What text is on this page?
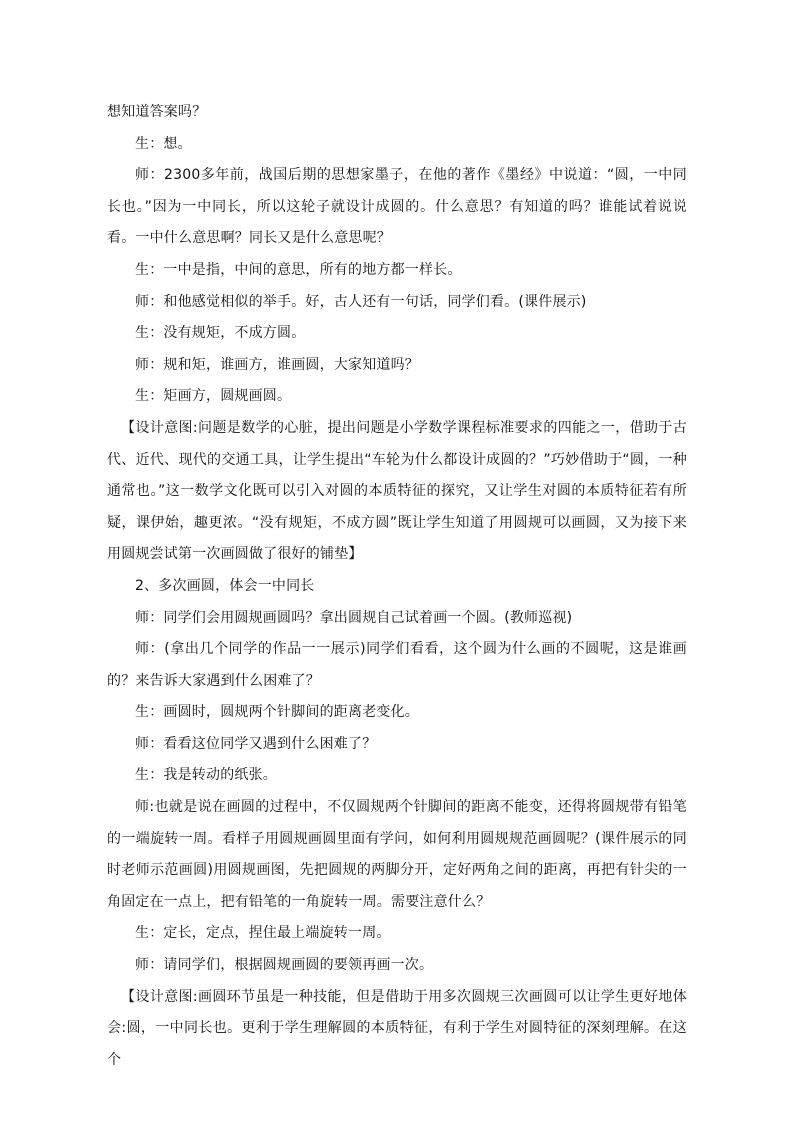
想知道答案吗？

生：想。

师：2300多年前，战国后期的思想家墨子，在他的著作《墨经》中说道：“圆，一中同长也。”因为一中同长，所以这轮子就设计成圆的。什么意思？有知道的吗？谁能试着说说看。一中什么意思啊？同长又是什么意思呢？

生：一中是指，中间的意思，所有的地方都一样长。

师：和他感觉相似的举手。好，古人还有一句话，同学们看。(课件展示)

生：没有规矩，不成方圆。

师：规和矩，谁画方，谁画圆，大家知道吗？

生：矩画方，圆规画圆。

【设计意图:问题是数学的心脏，提出问题是小学数学课程标准要求的四能之一，借助于古代、近代、现代的交通工具，让学生提出“车轮为什么都设计成圆的？”巧妙借助于“圆，一种通常也。”这一数学文化既可以引入对圆的本质特征的探究，又让学生对圆的本质特征若有所疑，课伊始，趣更浓。“没有规矩，不成方圆”既让学生知道了用圆规可以画圆，又为接下来用圆规尝试第一次画圆做了很好的铺垫】

2、多次画圆，体会一中同长

师：同学们会用圆规画圆吗？拿出圆规自己试着画一个圆。(教师巡视)

师：(拿出几个同学的作品一一展示)同学们看看，这个圆为什么画的不圆呢，这是谁画的？来告诉大家遇到什么困难了？

生：画圆时，圆规两个针脚间的距离老变化。

师：看看这位同学又遇到什么困难了？

生：我是转动的纸张。

师:也就是说在画圆的过程中，不仅圆规两个针脚间的距离不能变，还得将圆规带有铅笔的一端旋转一周。看样子用圆规画圆里面有学问，如何利用圆规规范画圆呢？(课件展示的同时老师示范画圆)用圆规画图，先把圆规的两脚分开，定好两角之间的距离，再把有针尖的一角固定在一点上，把有铅笔的一角旋转一周。需要注意什么？

生：定长，定点，捏住最上端旋转一周。

师：请同学们，根据圆规画圆的要领再画一次。

【设计意图:画圆环节虽是一种技能，但是借助于用多次圆规三次画圆可以让学生更好地体会:圆，一中同长也。更利于学生理解圆的本质特征，有利于学生对圆特征的深刻理解。在这个
